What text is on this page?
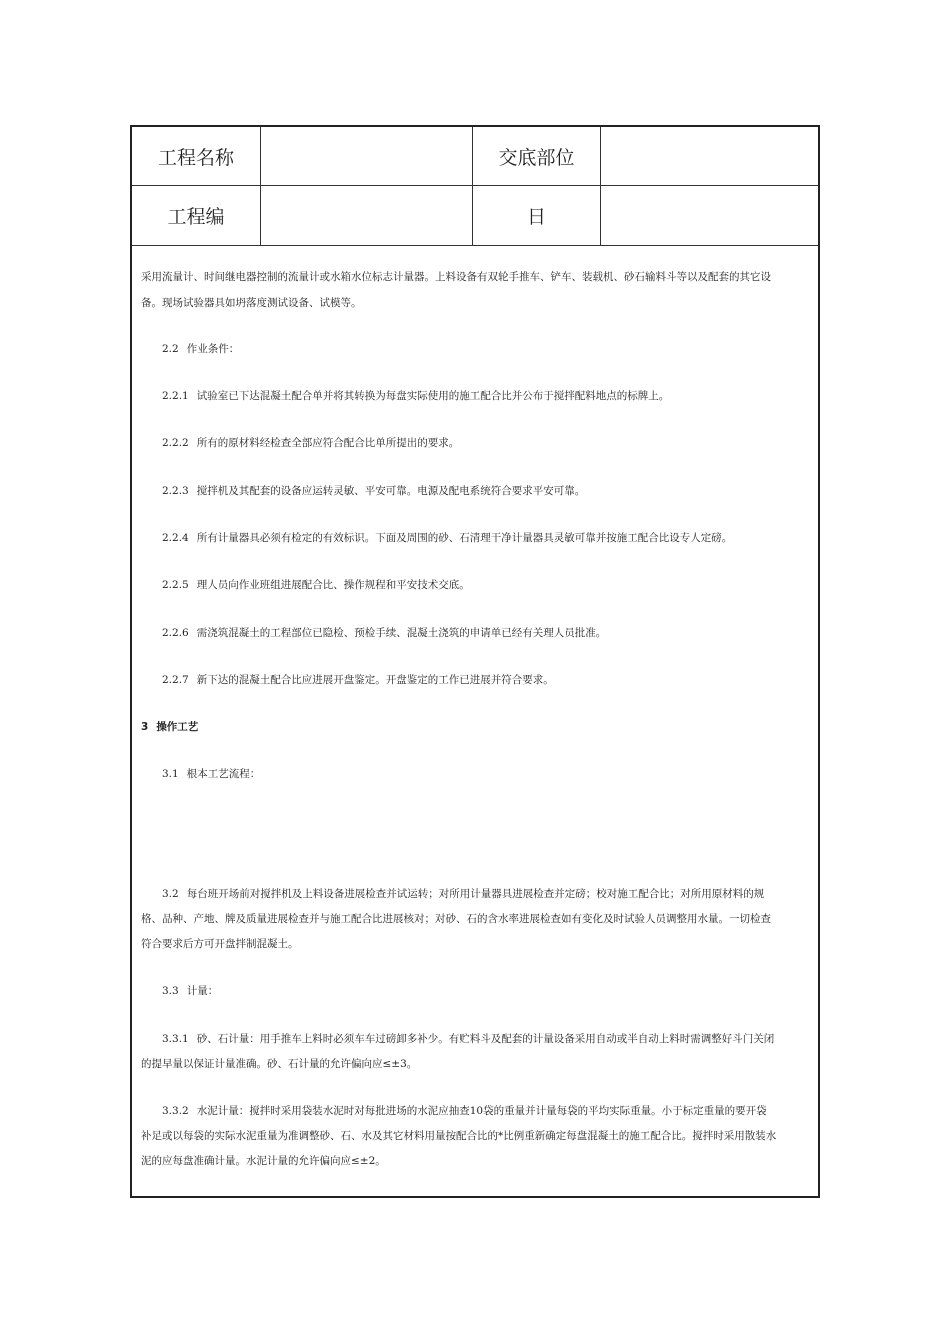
工程名称	交底部位
工程编	日
采用流量计、时间继电器控制的流量计或水箱水位标志计量器。上料设备有双轮手推车、铲车、装载机、砂石输料斗等以及配套的其它设
备。现场试验器具如坍落度测试设备、试模等。
2.2 作业条件：
2.2.1 试验室已下达混凝土配合单并将其转换为每盘实际使用的施工配合比并公布于搅拌配料地点的标牌上。
2.2.2 所有的原材料经检查全部应符合配合比单所提出的要求。
2.2.3 搅拌机及其配套的设备应运转灵敏、平安可靠。电源及配电系统符合要求平安可靠。
2.2.4 所有计量器具必须有检定的有效标识。下面及周围的砂、石清理干净计量器具灵敏可靠并按施工配合比设专人定磅。
2.2.5 理人员向作业班组进展配合比、操作规程和平安技术交底。
2.2.6 需浇筑混凝土的工程部位已隐检、预检手续、混凝土浇筑的申请单已经有关理人员批准。
2.2.7 新下达的混凝土配合比应进展开盘鉴定。开盘鉴定的工作已进展并符合要求。
3 操作工艺
3.1 根本工艺流程：
3.2 每台班开场前对搅拌机及上料设备进展检查并试运转；对所用计量器具进展检查并定磅；校对施工配合比；对所用原材料的规
格、品种、产地、牌及质量进展检查并与施工配合比进展核对；对砂、石的含水率进展检查如有变化及时试验人员调整用水量。一切检查
符合要求后方可开盘拌制混凝土。
3.3 计量：
3.3.1 砂、石计量：用手推车上料时必须车车过磅卸多补少。有贮料斗及配套的计量设备采用自动或半自动上料时需调整好斗门关闭
的提早量以保证计量准确。砂、石计量的允许偏向应≤±3。
3.3.2 水泥计量：搅拌时采用袋装水泥时对每批进场的水泥应抽查10袋的重量并计量每袋的平均实际重量。小于标定重量的要开袋
补足或以每袋的实际水泥重量为准调整砂、石、水及其它材料用量按配合比的*比例重新确定每盘混凝土的施工配合比。搅拌时采用散装水
泥的应每盘准确计量。水泥计量的允许偏向应≤±2。
